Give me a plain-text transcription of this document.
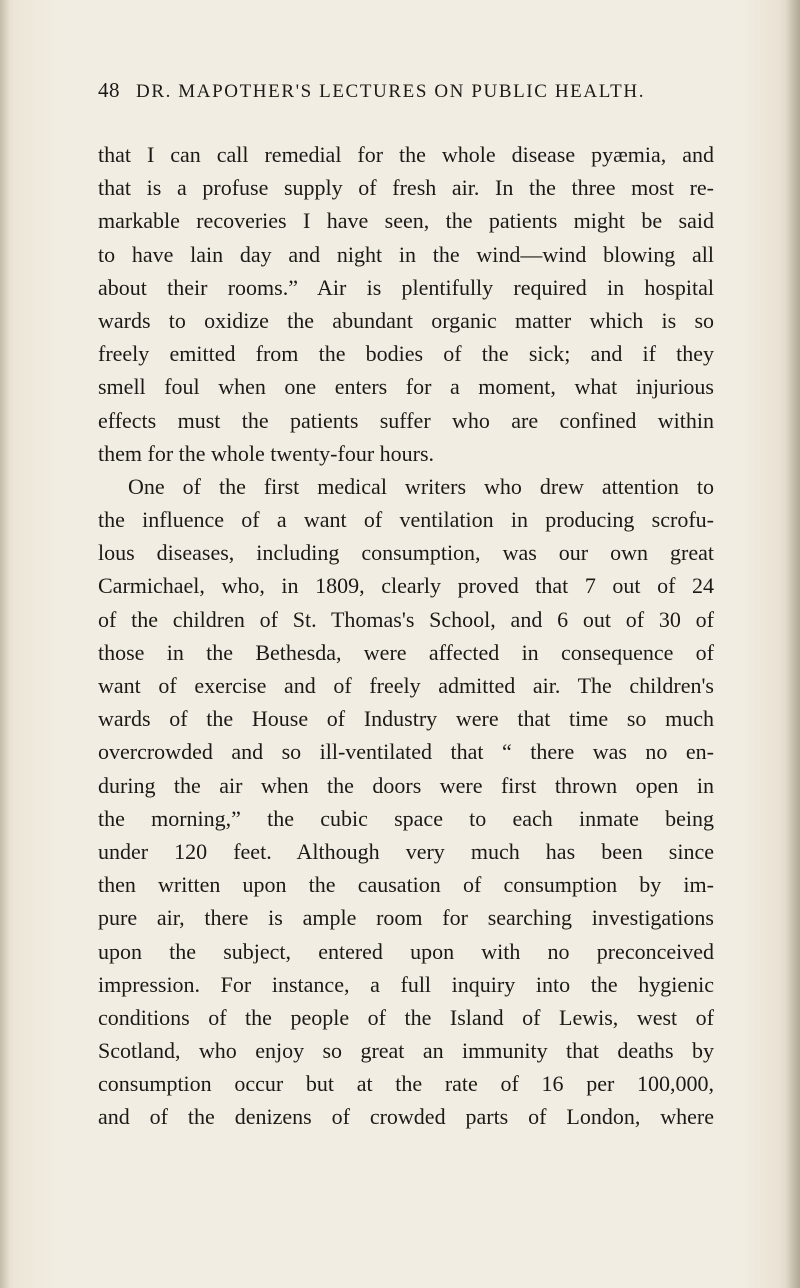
48 DR. MAPOTHER'S LECTURES ON PUBLIC HEALTH.
that I can call remedial for the whole disease pyæmia, and
that is a profuse supply of fresh air. In the three most re-
markable recoveries I have seen, the patients might be said
to have lain day and night in the wind—wind blowing all
about their rooms.” Air is plentifully required in hospital
wards to oxidize the abundant organic matter which is so
freely emitted from the bodies of the sick; and if they
smell foul when one enters for a moment, what injurious
effects must the patients suffer who are confined within
them for the whole twenty-four hours.
One of the first medical writers who drew attention to
the influence of a want of ventilation in producing scrofu-
lous diseases, including consumption, was our own great
Carmichael, who, in 1809, clearly proved that 7 out of 24
of the children of St. Thomas's School, and 6 out of 30 of
those in the Bethesda, were affected in consequence of
want of exercise and of freely admitted air. The children's
wards of the House of Industry were that time so much
overcrowded and so ill-ventilated that “ there was no en-
during the air when the doors were first thrown open in
the morning,” the cubic space to each inmate being
under 120 feet. Although very much has been since
then written upon the causation of consumption by im-
pure air, there is ample room for searching investigations
upon the subject, entered upon with no preconceived
impression. For instance, a full inquiry into the hygienic
conditions of the people of the Island of Lewis, west of
Scotland, who enjoy so great an immunity that deaths by
consumption occur but at the rate of 16 per 100,000,
and of the denizens of crowded parts of London, where
